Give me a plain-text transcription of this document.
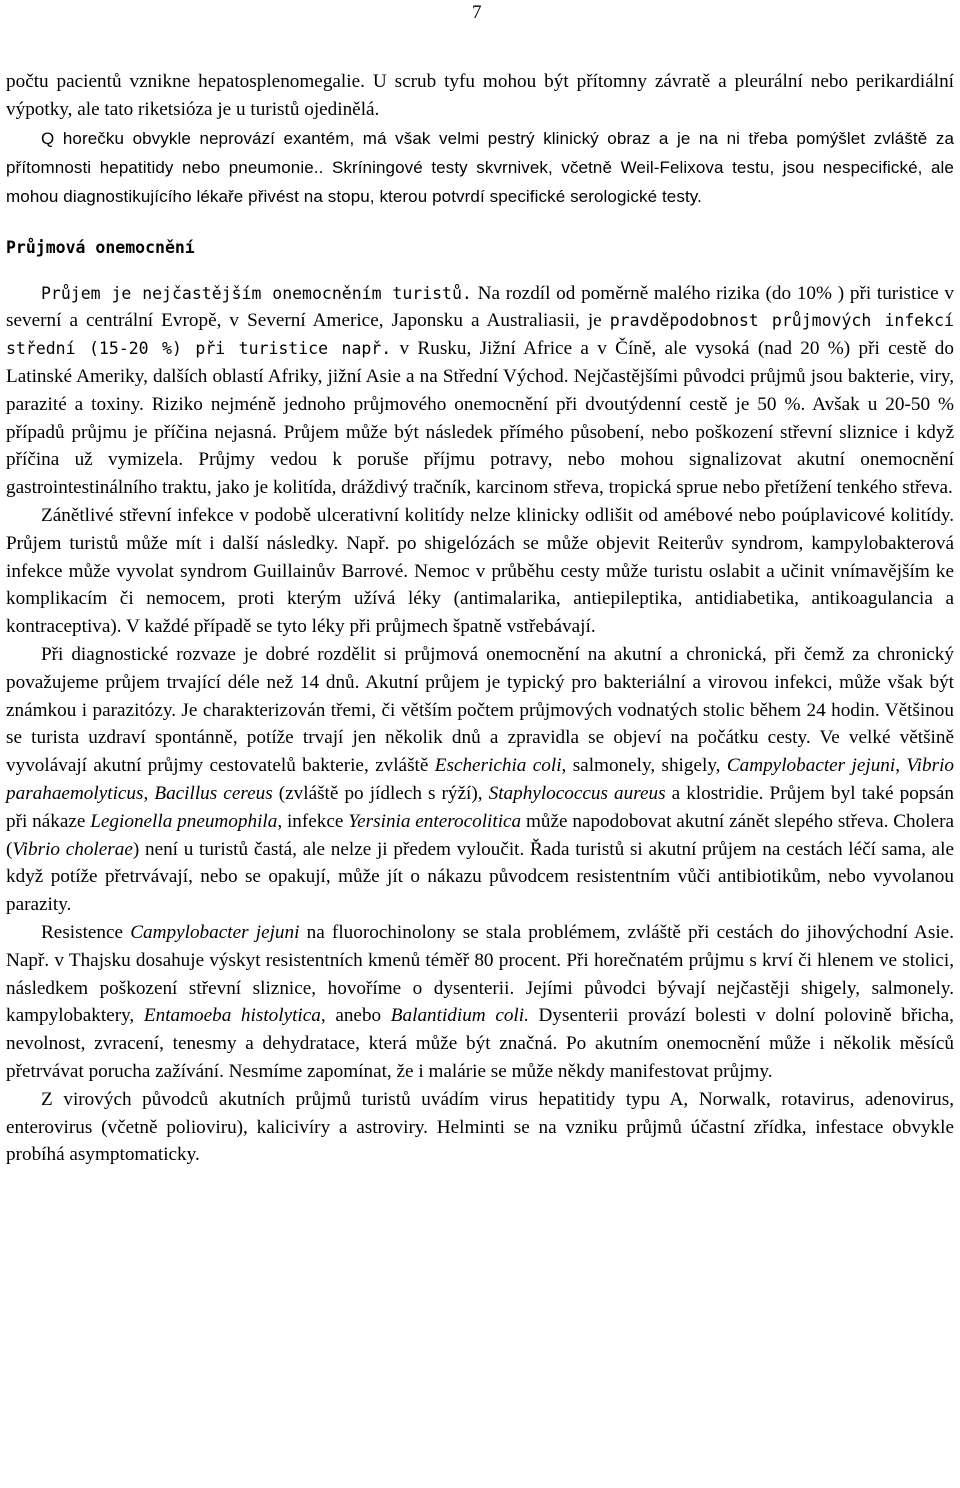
7

počtu pacientů vznikne hepatosplenomegalie. U scrub tyfu mohou být přítomny závratě a pleurální nebo perikardiální výpotky, ale tato riketsióza je u turistů ojedinělá.

Q horečku obvykle neprovází exantém, má však velmi pestrý klinický obraz a je na ni třeba pomýšlet zvláště za přítomnosti hepatitidy nebo pneumonie.. Skríningové testy skvrnivek, včetně Weil-Felixova testu, jsou nespecifické, ale mohou diagnostikujícího lékaře přivést na stopu, kterou potvrdí specifické serologické testy.

Průjmová onemocnění

Průjem je nejčastějším onemocněním turistů. Na rozdíl od poměrně malého rizika (do 10% ) při turistice v severní a centrální Evropě, v Severní Americe, Japonsku a Australiasii, je pravděpodobnost průjmových infekcí střední (15-20 %) při turistice např. v Rusku, Jižní Africe a v Číně, ale vysoká (nad 20 %) při cestě do Latinské Ameriky, dalších oblastí Afriky, jižní Asie a na Střední Východ. Nejčastějšími původci průjmů jsou bakterie, viry, parazité a toxiny. Riziko nejméně jednoho průjmového onemocnění při dvoutýdenní cestě je 50 %. Avšak u 20-50 % případů průjmu je příčina nejasná. Průjem může být následek přímého působení, nebo poškození střevní sliznice i když příčina už vymizela. Průjmy vedou k poruše příjmu potravy, nebo mohou signalizovat akutní onemocnění gastrointestinálního traktu, jako je kolitída, dráždivý tračník, karcinom střeva, tropická sprue nebo přetížení tenkého střeva.

Zánětlivé střevní infekce v podobě ulcerativní kolitídy nelze klinicky odlišit od amébové nebo poúplavicové kolitídy. Průjem turistů může mít i další následky. Např. po shigelózách se může objevit Reiterův syndrom, kampylobakterová infekce může vyvolat syndrom Guillainův Barrové. Nemoc v průběhu cesty může turistu oslabit a učinit vnímavějším ke komplikacím či nemocem, proti kterým užívá léky (antimalarika, antiepileptika, antidiabetika, antikoagulancia a kontraceptiva). V každé případě se tyto léky při průjmech špatně vstřebávají.

Při diagnostické rozvaze je dobré rozdělit si průjmová onemocnění na akutní a chronická, při čemž za chronický považujeme průjem trvající déle než 14 dnů. Akutní průjem je typický pro bakteriální a virovou infekci, může však být známkou i parazitózy. Je charakterizován třemi, či větším počtem průjmových vodnatých stolic během 24 hodin. Většinou se turista uzdraví spontánně, potíže trvají jen několik dnů a zpravidla se objeví na počátku cesty. Ve velké většině vyvolávají akutní průjmy cestovatelů bakterie, zvláště Escherichia coli, salmonely, shigely, Campylobacter jejuni, Vibrio parahaemolyticus, Bacillus cereus (zvláště po jídlech s rýží), Staphylococcus aureus a klostridie. Průjem byl také popsán při nákaze Legionella pneumophila, infekce Yersinia enterocolitica může napodobovat akutní zánět slepého střeva. Cholera (Vibrio cholerae) není u turistů častá, ale nelze ji předem vyloučit. Řada turistů si akutní průjem na cestách léčí sama, ale když potíže přetrvávají, nebo se opakují, může jít o nákazu původcem resistentním vůči antibiotikům, nebo vyvolanou parazity.

Resistence Campylobacter jejuni na fluorochinolony se stala problémem, zvláště při cestách do jihovýchodní Asie. Např. v Thajsku dosahuje výskyt resistentních kmenů téměř 80 procent. Při horečnatém průjmu s krví či hlenem ve stolici, následkem poškození střevní sliznice, hovoříme o dysenterii. Jejími původci bývají nejčastěji shigely, salmonely. kampylobaktery, Entamoeba histolytica, anebo Balantidium coli. Dysenterii provází bolesti v dolní polovině břicha, nevolnost, zvracení, tenesmy a dehydratace, která může být značná. Po akutním onemocnění může i několik měsíců přetrvávat porucha zažívání. Nesmíme zapomínat, že i malárie se může někdy manifestovat průjmy.

Z virových původců akutních průjmů turistů uvádím virus hepatitidy typu A, Norwalk, rotavirus, adenovirus, enterovirus (včetně polioviru), kalicivíry a astroviry. Helminti se na vzniku průjmů účastní zřídka, infestace obvykle probíhá asymptomaticky.
